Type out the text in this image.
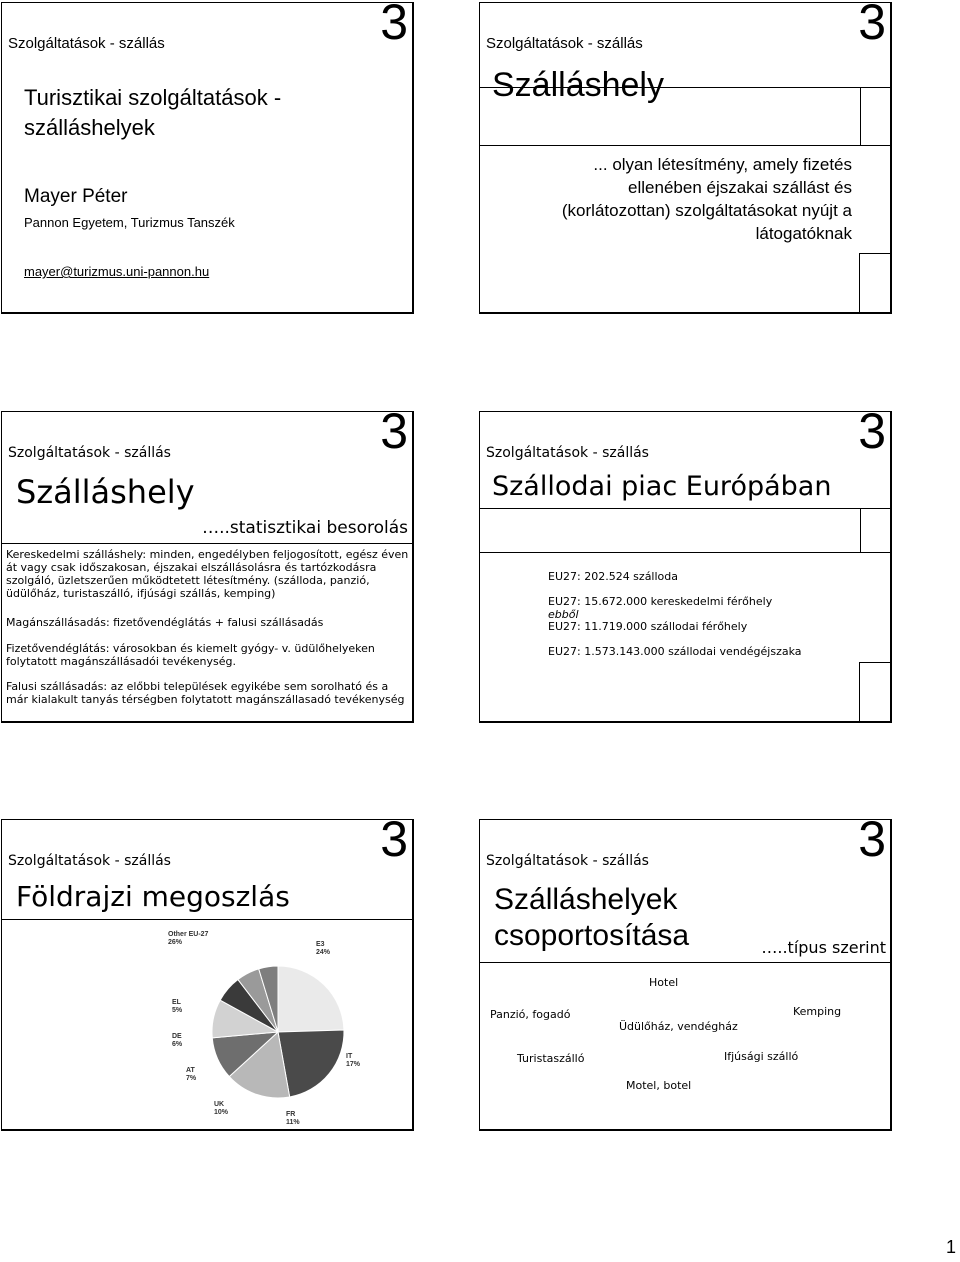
Szolgáltatások - szállás	3
Turisztikai szolgáltatások -
szálláshelyek
Mayer Péter
Pannon Egyetem, Turizmus Tanszék
mayer@turizmus.uni-pannon.hu
Szolgáltatások - szállás	3
Szálláshely
... olyan létesítmény, amely fizetés
ellenében éjszakai szállást és
(korlátozottan) szolgáltatásokat nyújt a
látogatóknak
Szolgáltatások - szállás	3
Szálláshely
…..statisztikai besorolás
Kereskedelmi szálláshely: minden, engedélyben feljogosított, egész éven át vagy csak időszakosan, éjszakai elszállásolásra és tartózkodásra szolgáló, üzletszerűen működtetett létesítmény. (szálloda, panzió, üdülőház, turistaszálló, ifjúsági szállás, kemping)
Magánszállásadás: fizetővendéglátás + falusi szállásadás
Fizetővendéglátás: városokban és kiemelt gyógy- v. üdülőhelyeken folytatott magánszállásadói tevékenység.
Falusi szállásadás: az előbbi települések egyikébe sem sorolható és a már kialakult tanyás térségben folytatott magánszállasadó tevékenység
Szolgáltatások - szállás	3
Szállodai piac Európában
EU27: 202.524 szálloda
EU27: 15.672.000 kereskedelmi férőhely
ebből
EU27: 11.719.000 szállodai férőhely
EU27: 1.573.143.000 szállodai vendégéjszaka
Szolgáltatások - szállás	3
Földrajzi megoszlás
Other EU-27 26%	E3 24%
IT 17%
FR 11%
UK 10%
AT 7%
DE 6%
EL 5%
Szolgáltatások - szállás	3
Szálláshelyek
csoportosítása	…..típus szerint
Hotel
Panzió, fogadó
Üdülőház, vendégház
Kemping
Turistaszálló	Ifjúsági szálló
Motel, botel
1
